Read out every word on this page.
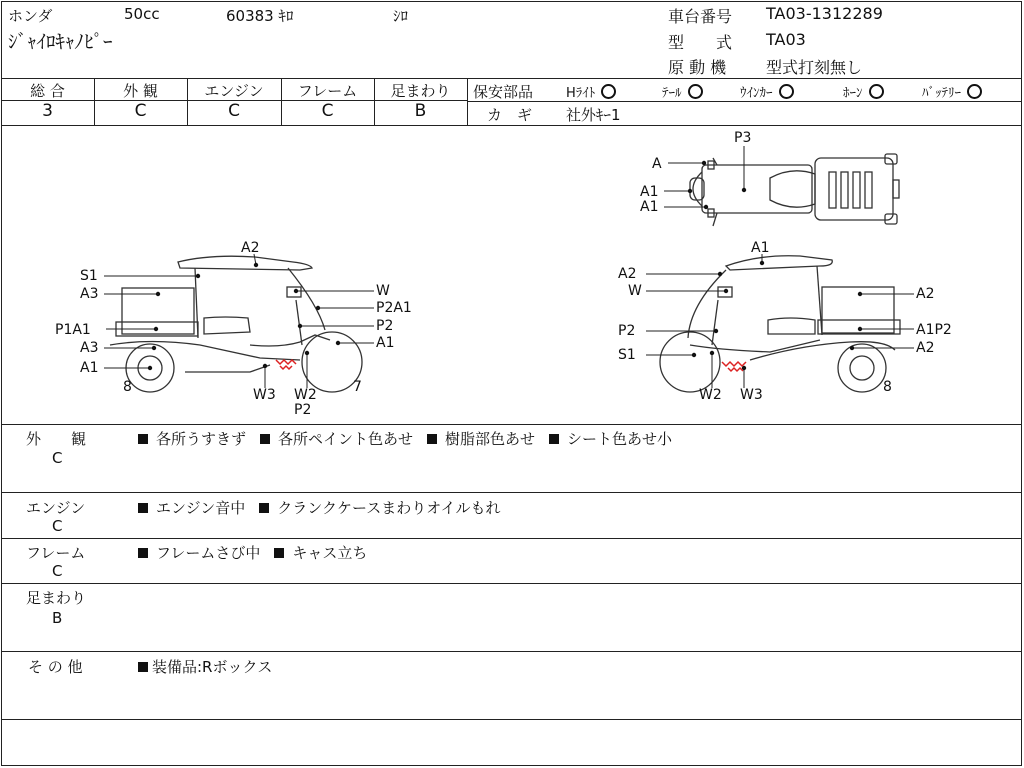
ホンダ	50cc	60383 ｷﾛ	ｼﾛ
ｼﾞｬｲﾛｷｬﾉﾋﾟｰ
車台番号 TA03-1312289
型　　式 TA03
原 動 機 型式打刻無し
総 合	外 観	エンジン	フレーム	足まわり
3	C	C	C	B
保安部品	Hﾗｲﾄ	ﾃｰﾙ	ｳｲﾝｶｰ	ﾎｰﾝ	ﾊﾞｯﾃﾘｰ
カ　ギ 社外ｷｰ1
P3
A
A1
A1
A2
S1
A3
P1A1
A3
A1
8
W
P2A1
P2
A1
7
W3 W2
P2
A1
A2
W	A2
P2	A1P2
S1	A2
W2 W3	8
外　　観
C
各所うすきず 各所ペイント色あせ 樹脂部色あせ シート色あせ小
エンジン
C
エンジン音中 クランクケースまわりオイルもれ
フレーム
C
フレームさび中 キャス立ち
足まわり
B
そ の 他	装備品:Rボックス
